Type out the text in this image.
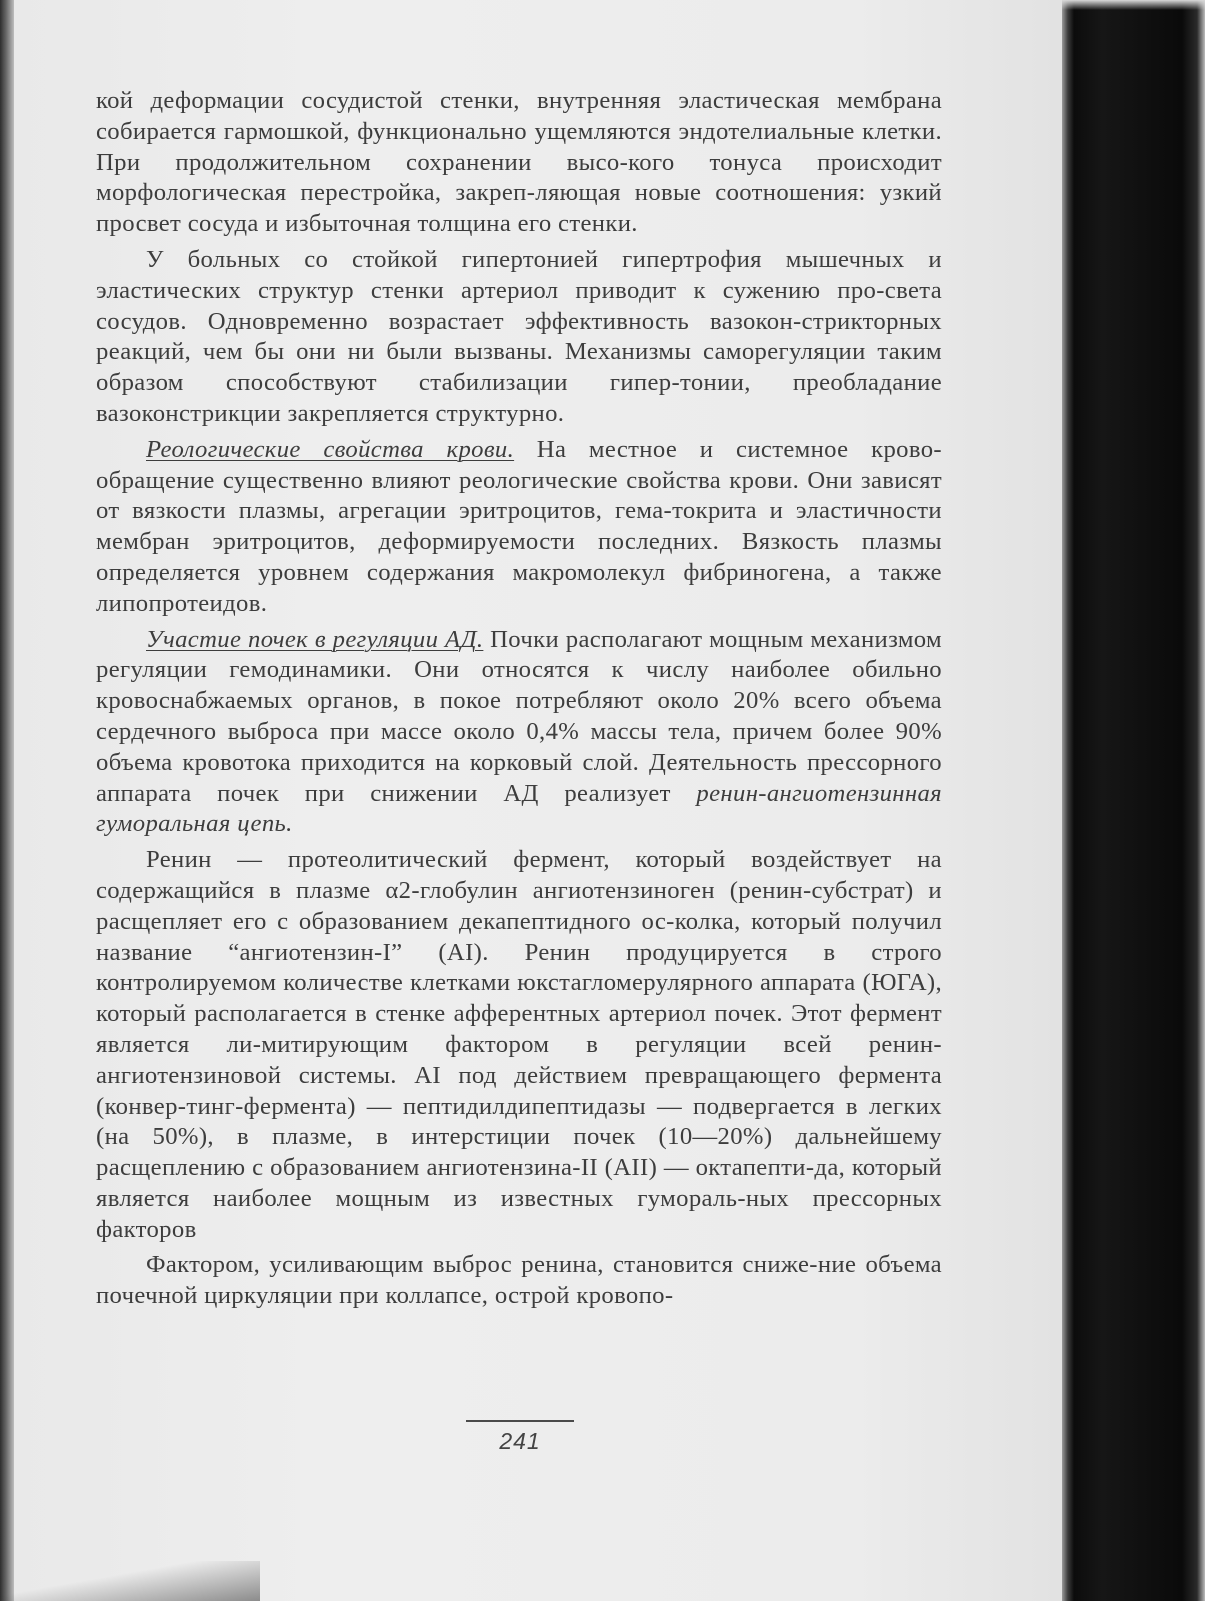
кой деформации сосудистой стенки, внутренняя эластическая мембрана собирается гармошкой, функционально ущемляются эндотелиальные клетки. При продолжительном сохранении высо-кого тонуса происходит морфологическая перестройка, закреп-ляющая новые соотношения: узкий просвет сосуда и избыточная толщина его стенки.

У больных со стойкой гипертонией гипертрофия мышечных и эластических структур стенки артериол приводит к сужению про-света сосудов. Одновременно возрастает эффективность вазокон-стрикторных реакций, чем бы они ни были вызваны. Механизмы саморегуляции таким образом способствуют стабилизации гипер-тонии, преобладание вазоконстрикции закрепляется структурно.

Реологические свойства крови. На местное и системное крово-обращение существенно влияют реологические свойства крови. Они зависят от вязкости плазмы, агрегации эритроцитов, гема-токрита и эластичности мембран эритроцитов, деформируемости последних. Вязкость плазмы определяется уровнем содержания макромолекул фибриногена, а также липопротеидов.

Участие почек в регуляции АД. Почки располагают мощным механизмом регуляции гемодинамики. Они относятся к числу наиболее обильно кровоснабжаемых органов, в покое потребляют около 20% всего объема сердечного выброса при массе около 0,4% массы тела, причем более 90% объема кровотока приходится на корковый слой. Деятельность прессорного аппарата почек при снижении АД реализует ренин-ангиотензинная гуморальная цепь.

Ренин — протеолитический фермент, который воздействует на содержащийся в плазме α2-глобулин ангиотензиноген (ренин-субстрат) и расщепляет его с образованием декапептидного ос-колка, который получил название “ангиотензин-I” (AI). Ренин продуцируется в строго контролируемом количестве клетками юкстагломерулярного аппарата (ЮГА), который располагается в стенке афферентных артериол почек. Этот фермент является ли-митирующим фактором в регуляции всей ренин-ангиотензиновой системы. AI под действием превращающего фермента (конвер-тинг-фермента) — пептидилдипептидазы — подвергается в легких (на 50%), в плазме, в интерстиции почек (10—20%) дальнейшему расщеплению с образованием ангиотензина-II (AII) — октапепти-да, который является наиболее мощным из известных гумораль-ных прессорных факторов

Фактором, усиливающим выброс ренина, становится сниже-ние объема почечной циркуляции при коллапсе, острой кровопо-

241
